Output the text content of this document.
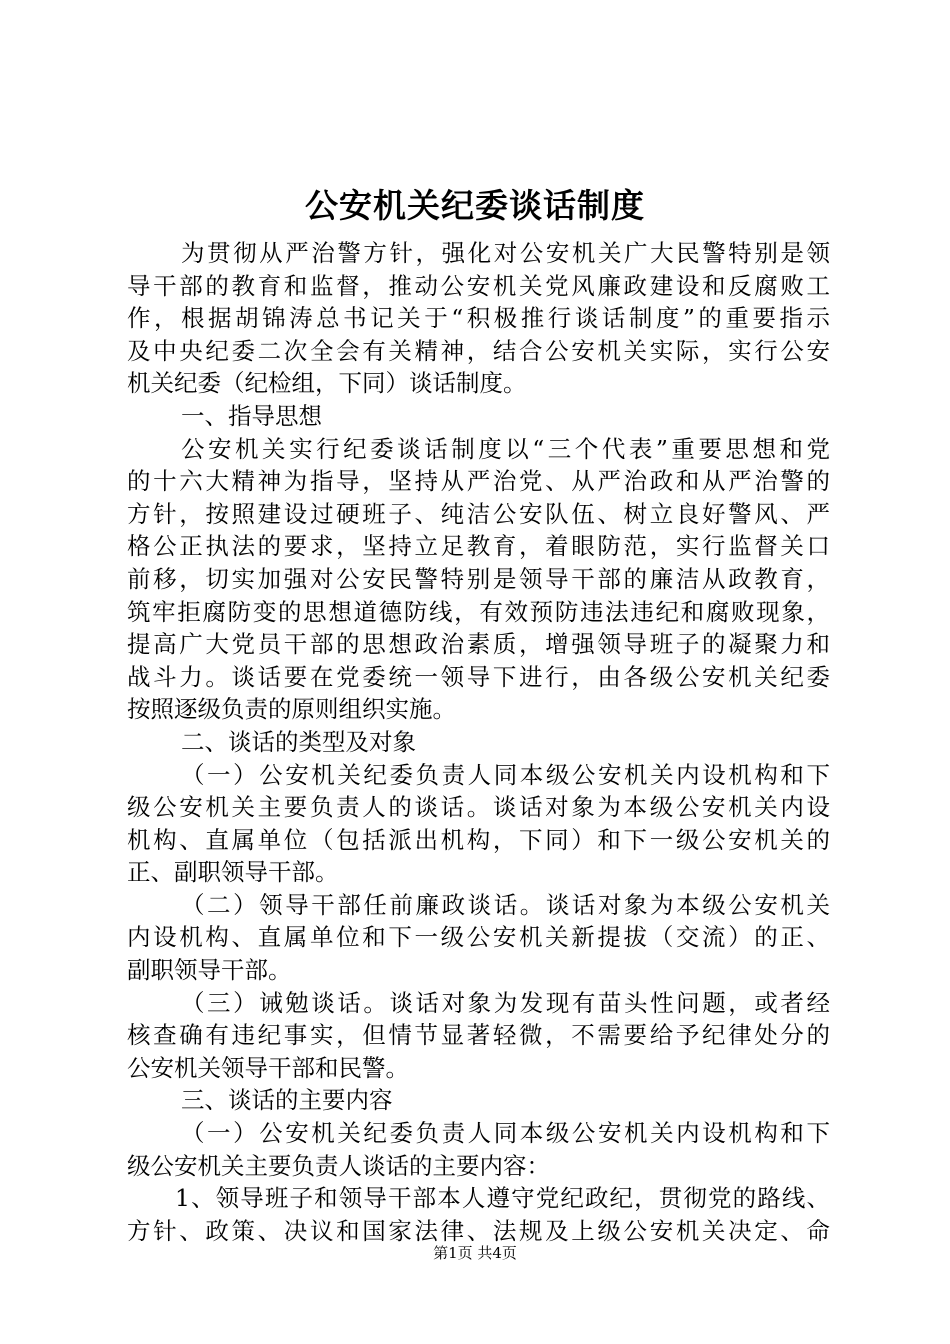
公安机关纪委谈话制度
为贯彻从严治警方针，强化对公安机关广大民警特别是领
导干部的教育和监督，推动公安机关党风廉政建设和反腐败工
作，根据胡锦涛总书记关于“积极推行谈话制度”的重要指示
及中央纪委二次全会有关精神，结合公安机关实际，实行公安
机关纪委（纪检组，下同）谈话制度。
一、指导思想
公安机关实行纪委谈话制度以“三个代表”重要思想和党
的十六大精神为指导，坚持从严治党、从严治政和从严治警的
方针，按照建设过硬班子、纯洁公安队伍、树立良好警风、严
格公正执法的要求，坚持立足教育，着眼防范，实行监督关口
前移，切实加强对公安民警特别是领导干部的廉洁从政教育，
筑牢拒腐防变的思想道德防线，有效预防违法违纪和腐败现象，
提高广大党员干部的思想政治素质，增强领导班子的凝聚力和
战斗力。谈话要在党委统一领导下进行，由各级公安机关纪委
按照逐级负责的原则组织实施。
二、谈话的类型及对象
（一）公安机关纪委负责人同本级公安机关内设机构和下
级公安机关主要负责人的谈话。谈话对象为本级公安机关内设
机构、直属单位（包括派出机构，下同）和下一级公安机关的
正、副职领导干部。
（二）领导干部任前廉政谈话。谈话对象为本级公安机关
内设机构、直属单位和下一级公安机关新提拔（交流）的正、
副职领导干部。
（三）诫勉谈话。谈话对象为发现有苗头性问题，或者经
核查确有违纪事实，但情节显著轻微，不需要给予纪律处分的
公安机关领导干部和民警。
三、谈话的主要内容
（一）公安机关纪委负责人同本级公安机关内设机构和下
级公安机关主要负责人谈话的主要内容：
1、领导班子和领导干部本人遵守党纪政纪，贯彻党的路线、
方针、政策、决议和国家法律、法规及上级公安机关决定、命
第1页 共4页
